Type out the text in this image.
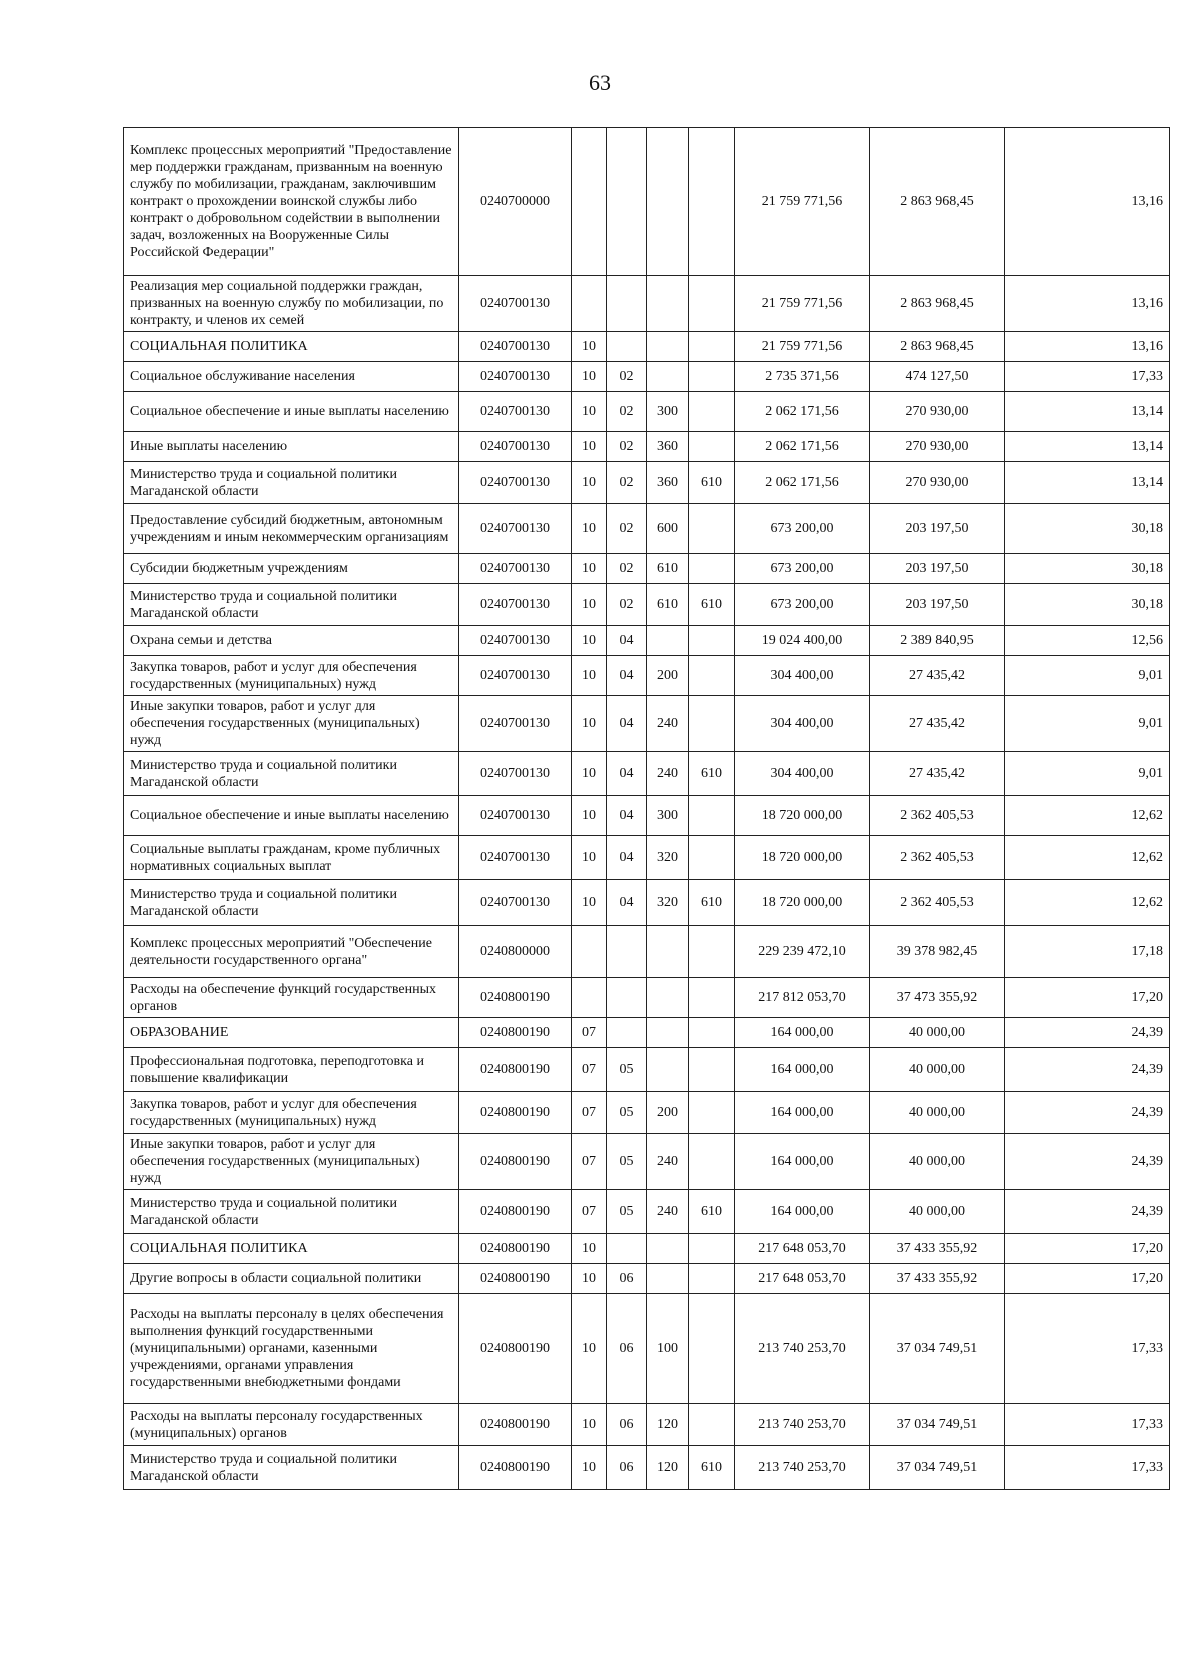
63
Комплекс процессных мероприятий "Предоставление мер поддержки гражданам, призванным на военную службу по мобилизации, гражданам, заключившим контракт о прохождении воинской службы либо контракт о добровольном содействии в выполнении задач, возложенных на Вооруженные Силы Российской Федерации"	0240700000					21 759 771,56	2 863 968,45	13,16
Реализация мер социальной поддержки граждан, призванных на военную службу по мобилизации, по контракту, и членов их семей	0240700130					21 759 771,56	2 863 968,45	13,16
СОЦИАЛЬНАЯ ПОЛИТИКА	0240700130	10				21 759 771,56	2 863 968,45	13,16
Социальное обслуживание населения	0240700130	10	02			2 735 371,56	474 127,50	17,33
Социальное обеспечение и иные выплаты населению	0240700130	10	02	300		2 062 171,56	270 930,00	13,14
Иные выплаты населению	0240700130	10	02	360		2 062 171,56	270 930,00	13,14
Министерство труда и социальной политики Магаданской области	0240700130	10	02	360	610	2 062 171,56	270 930,00	13,14
Предоставление субсидий бюджетным, автономным учреждениям и иным некоммерческим организациям	0240700130	10	02	600		673 200,00	203 197,50	30,18
Субсидии бюджетным учреждениям	0240700130	10	02	610		673 200,00	203 197,50	30,18
Министерство труда и социальной политики Магаданской области	0240700130	10	02	610	610	673 200,00	203 197,50	30,18
Охрана семьи и детства	0240700130	10	04			19 024 400,00	2 389 840,95	12,56
Закупка товаров, работ и услуг для обеспечения государственных (муниципальных) нужд	0240700130	10	04	200		304 400,00	27 435,42	9,01
Иные закупки товаров, работ и услуг для обеспечения государственных (муниципальных) нужд	0240700130	10	04	240		304 400,00	27 435,42	9,01
Министерство труда и социальной политики Магаданской области	0240700130	10	04	240	610	304 400,00	27 435,42	9,01
Социальное обеспечение и иные выплаты населению	0240700130	10	04	300		18 720 000,00	2 362 405,53	12,62
Социальные выплаты гражданам, кроме публичных нормативных социальных выплат	0240700130	10	04	320		18 720 000,00	2 362 405,53	12,62
Министерство труда и социальной политики Магаданской области	0240700130	10	04	320	610	18 720 000,00	2 362 405,53	12,62
Комплекс процессных мероприятий "Обеспечение деятельности государственного органа"	0240800000					229 239 472,10	39 378 982,45	17,18
Расходы на обеспечение функций государственных органов	0240800190					217 812 053,70	37 473 355,92	17,20
ОБРАЗОВАНИЕ	0240800190	07				164 000,00	40 000,00	24,39
Профессиональная подготовка, переподготовка и повышение квалификации	0240800190	07	05			164 000,00	40 000,00	24,39
Закупка товаров, работ и услуг для обеспечения государственных (муниципальных) нужд	0240800190	07	05	200		164 000,00	40 000,00	24,39
Иные закупки товаров, работ и услуг для обеспечения государственных (муниципальных) нужд	0240800190	07	05	240		164 000,00	40 000,00	24,39
Министерство труда и социальной политики Магаданской области	0240800190	07	05	240	610	164 000,00	40 000,00	24,39
СОЦИАЛЬНАЯ ПОЛИТИКА	0240800190	10				217 648 053,70	37 433 355,92	17,20
Другие вопросы в области социальной политики	0240800190	10	06			217 648 053,70	37 433 355,92	17,20
Расходы на выплаты персоналу в целях обеспечения выполнения функций государственными (муниципальными) органами, казенными учреждениями, органами управления государственными внебюджетными фондами	0240800190	10	06	100		213 740 253,70	37 034 749,51	17,33
Расходы на выплаты персоналу государственных (муниципальных) органов	0240800190	10	06	120		213 740 253,70	37 034 749,51	17,33
Министерство труда и социальной политики Магаданской области	0240800190	10	06	120	610	213 740 253,70	37 034 749,51	17,33
